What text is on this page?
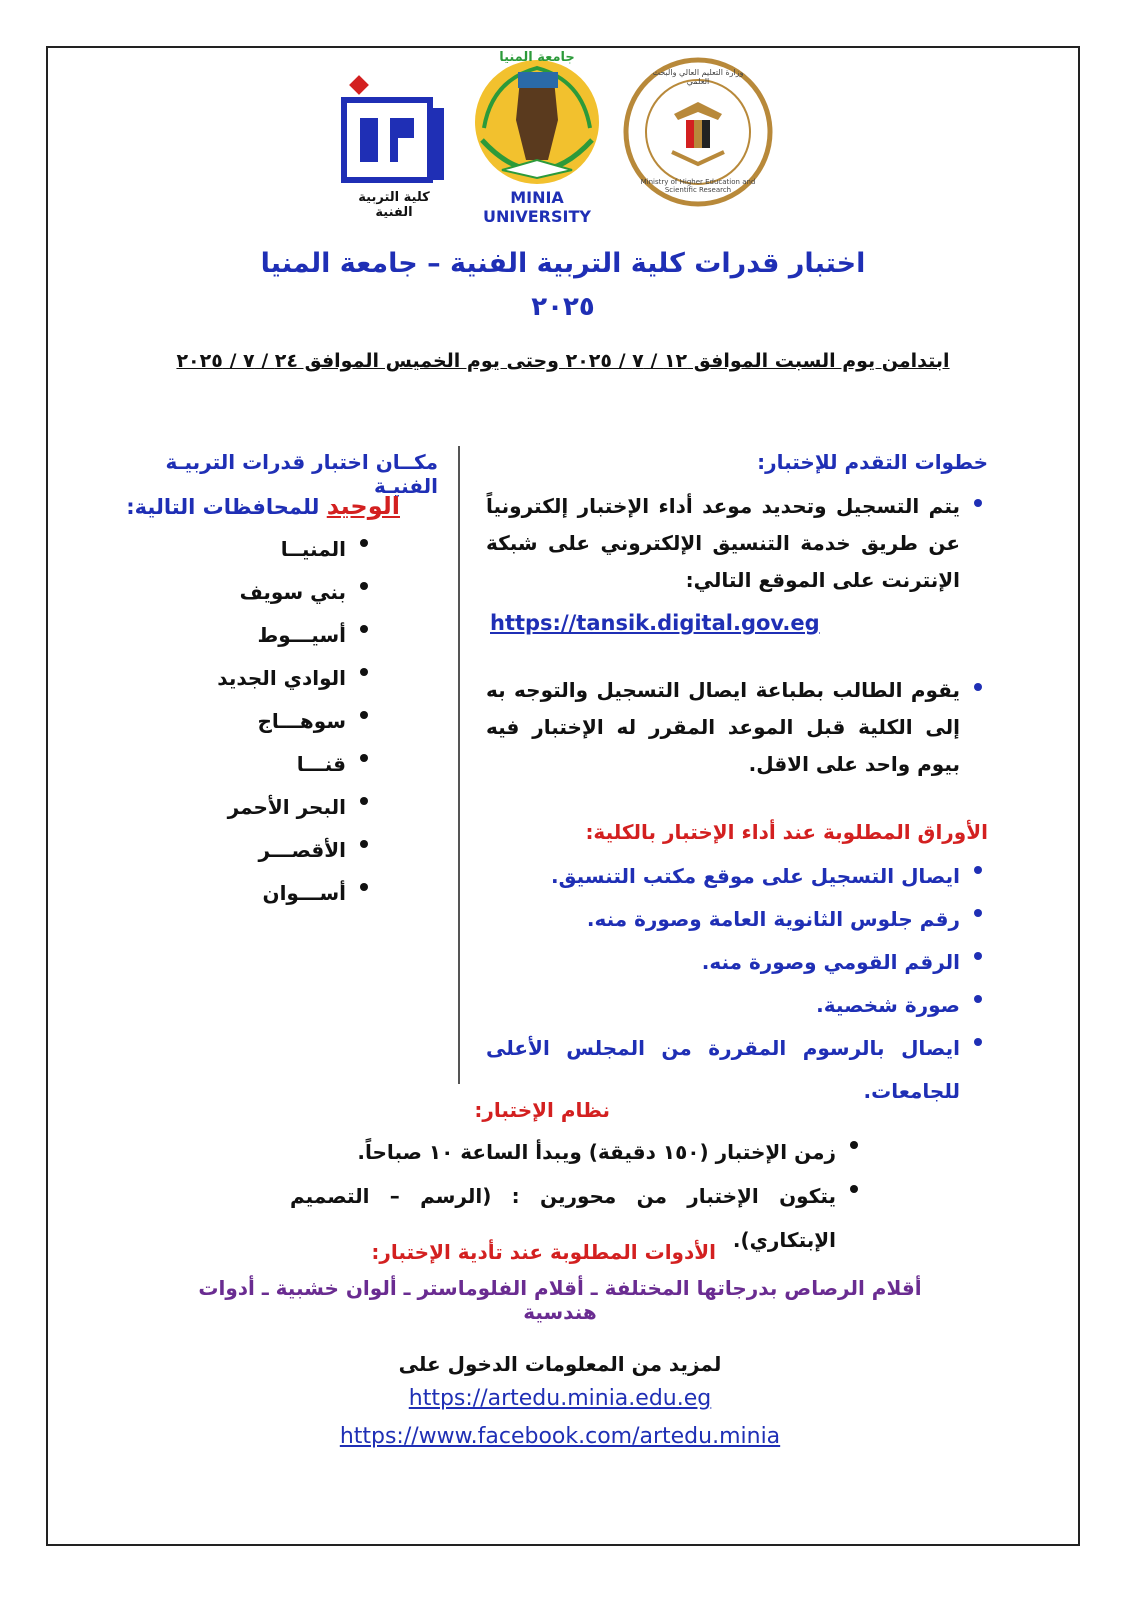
كلية التربية الفنية
MINIA UNIVERSITY
جامعة المنيا
وزارة التعليم العالي والبحث العلمي
Ministry of Higher Education and Scientific Research
اختبار قدرات كلية التربية الفنية – جامعة المنيا
٢٠٢٥
ابتدامن يوم السبت الموافق ١٢ / ٧ / ٢٠٢٥ وحتى يوم الخميس الموافق ٢٤ / ٧ / ٢٠٢٥
خطوات التقدم للإختبار:
يتم التسجيل وتحديد موعد أداء الإختبار إلكترونياً عن طريق خدمة التنسيق الإلكتروني على شبكة الإنترنت على الموقع التالي:
https://tansik.digital.gov.eg
يقوم الطالب بطباعة ايصال التسجيل والتوجه به إلى الكلية قبل الموعد المقرر له الإختبار فيه بيوم واحد على الاقل.
الأوراق المطلوبة عند أداء الإختبار بالكلية:
ايصال التسجيل على موقع مكتب التنسيق.
رقم جلوس الثانوية العامة وصورة منه.
الرقم القومي وصورة منه.
صورة شخصية.
ايصال بالرسوم المقررة من المجلس الأعلى للجامعات.
مكــان اختبار قدرات التربيـة الفنيـة
الوحيد للمحافظات التالية:
المنيــا
بني سويف
أسيـــوط
الوادي الجديد
سوهـــاج
قنـــا
البحر الأحمر
الأقصـــر
أســـوان
نظام الإختبار:
زمن الإختبار (١٥٠ دقيقة) ويبدأ الساعة ١٠ صباحاً.
يتكون الإختبار من محورين : (الرسم – التصميم الإبتكاري).
الأدوات المطلوبة عند تأدية الإختبار:
أقلام الرصاص بدرجاتها المختلفة ـ أقلام الفلوماستر ـ ألوان خشبية ـ أدوات هندسية
لمزيد من المعلومات الدخول على
https://artedu.minia.edu.eg
https://www.facebook.com/artedu.minia
